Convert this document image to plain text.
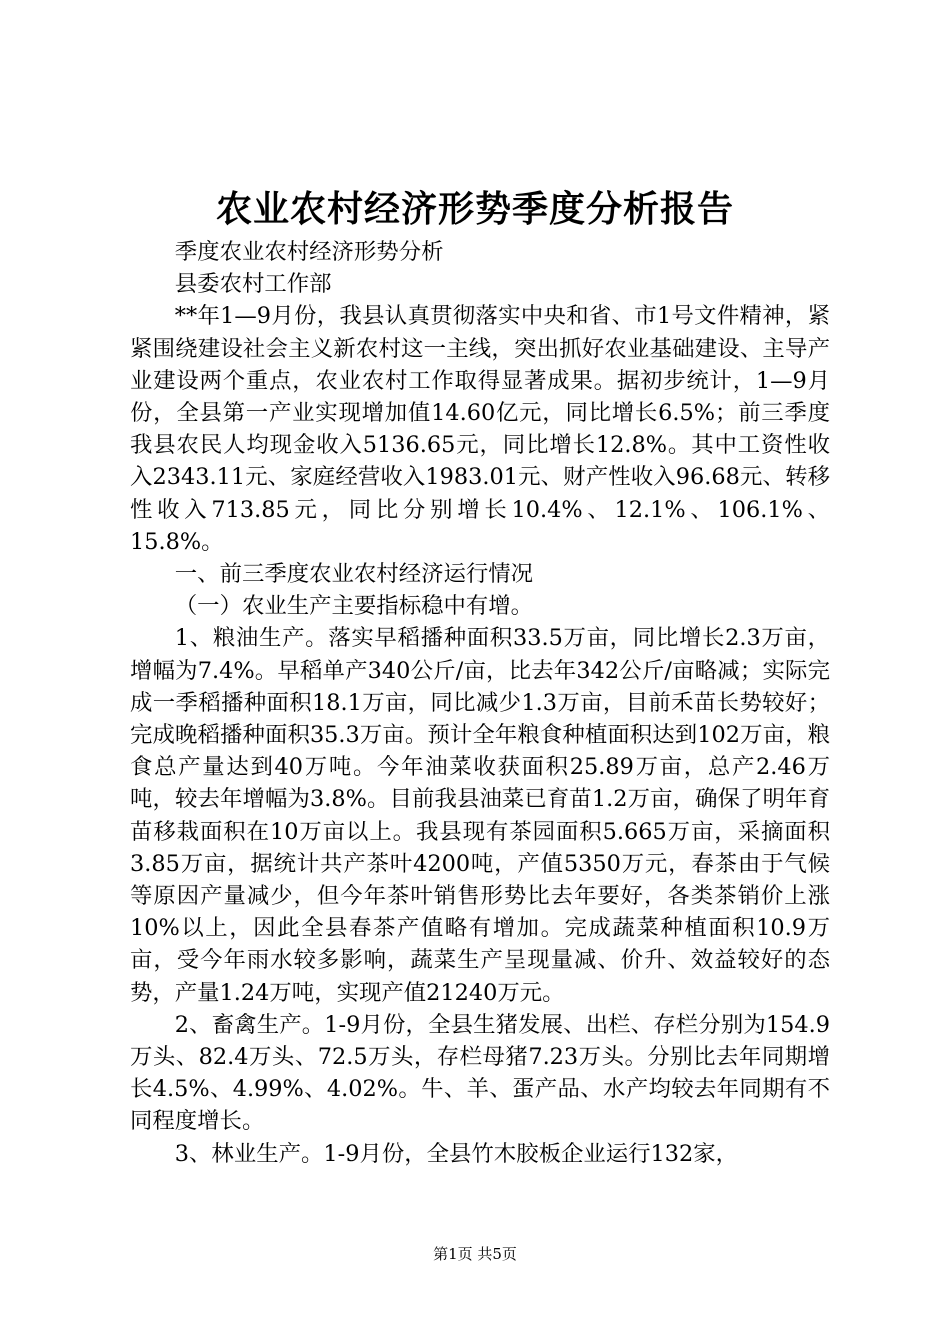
农业农村经济形势季度分析报告

季度农业农村经济形势分析

县委农村工作部

**年1—9月份，我县认真贯彻落实中央和省、市1号文件精神，紧紧围绕建设社会主义新农村这一主线，突出抓好农业基础建设、主导产业建设两个重点，农业农村工作取得显著成果。据初步统计，1—9月份，全县第一产业实现增加值14.60亿元，同比增长6.5%；前三季度我县农民人均现金收入5136.65元，同比增长12.8%。其中工资性收入2343.11元、家庭经营收入1983.01元、财产性收入96.68元、转移性收入713.85元，同比分别增长10.4%、12.1%、106.1%、15.8%。

一、前三季度农业农村经济运行情况

（一）农业生产主要指标稳中有增。

1、粮油生产。落实早稻播种面积33.5万亩，同比增长2.3万亩，增幅为7.4%。早稻单产340公斤/亩，比去年342公斤/亩略减；实际完成一季稻播种面积18.1万亩，同比减少1.3万亩，目前禾苗长势较好；完成晚稻播种面积35.3万亩。预计全年粮食种植面积达到102万亩，粮食总产量达到40万吨。今年油菜收获面积25.89万亩，总产2.46万吨，较去年增幅为3.8%。目前我县油菜已育苗1.2万亩，确保了明年育苗移栽面积在10万亩以上。我县现有茶园面积5.665万亩，采摘面积3.85万亩，据统计共产茶叶4200吨，产值5350万元，春茶由于气候等原因产量减少，但今年茶叶销售形势比去年要好，各类茶销价上涨10%以上，因此全县春茶产值略有增加。完成蔬菜种植面积10.9万亩，受今年雨水较多影响，蔬菜生产呈现量减、价升、效益较好的态势，产量1.24万吨，实现产值21240万元。

2、畜禽生产。1-9月份，全县生猪发展、出栏、存栏分别为154.9万头、82.4万头、72.5万头，存栏母猪7.23万头。分别比去年同期增长4.5%、4.99%、4.02%。牛、羊、蛋产品、水产均较去年同期有不同程度增长。

3、林业生产。1-9月份，全县竹木胶板企业运行132家，

第1页 共5页
